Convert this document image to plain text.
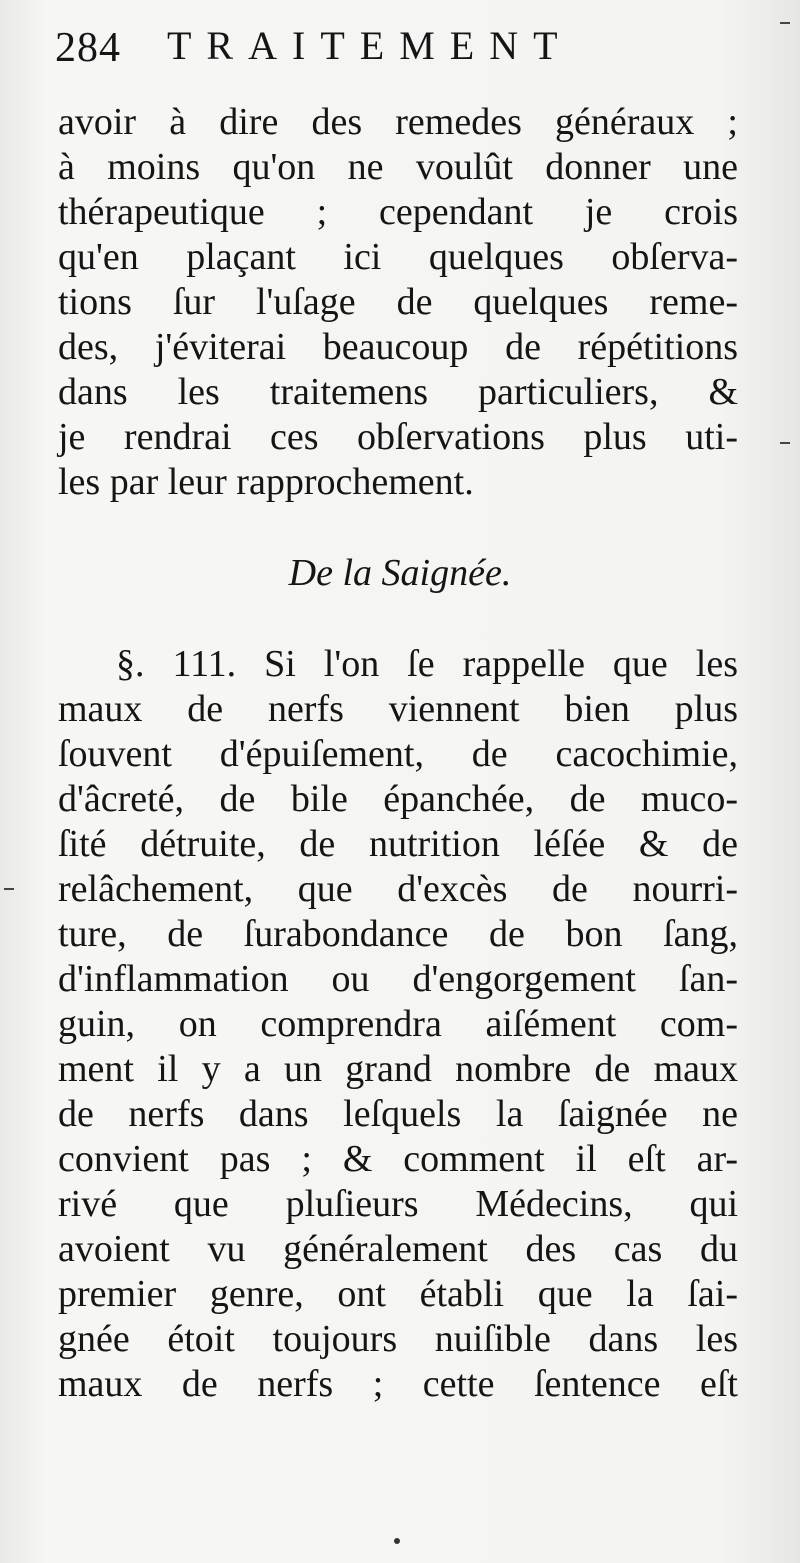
284 TRAITEMENT
avoir à dire des remedes généraux ;
à moins qu'on ne voulût donner une
thérapeutique ; cependant je crois
qu'en plaçant ici quelques obſerva-
tions ſur l'uſage de quelques reme-
des, j'éviterai beaucoup de répétitions
dans les traitemens particuliers, &
je rendrai ces obſervations plus uti-
les par leur rapprochement.
De la Saignée.
§. 111. Si l'on ſe rappelle que les
maux de nerfs viennent bien plus
ſouvent d'épuiſement, de cacochimie,
d'âcreté, de bile épanchée, de muco-
ſité détruite, de nutrition léſée & de
relâchement, que d'excès de nourri-
ture, de ſurabondance de bon ſang,
d'inflammation ou d'engorgement ſan-
guin, on comprendra aiſément com-
ment il y a un grand nombre de maux
de nerfs dans leſquels la ſaignée ne
convient pas ; & comment il eſt ar-
rivé que pluſieurs Médecins, qui
avoient vu généralement des cas du
premier genre, ont établi que la ſai-
gnée étoit toujours nuiſible dans les
maux de nerfs ; cette ſentence eſt
